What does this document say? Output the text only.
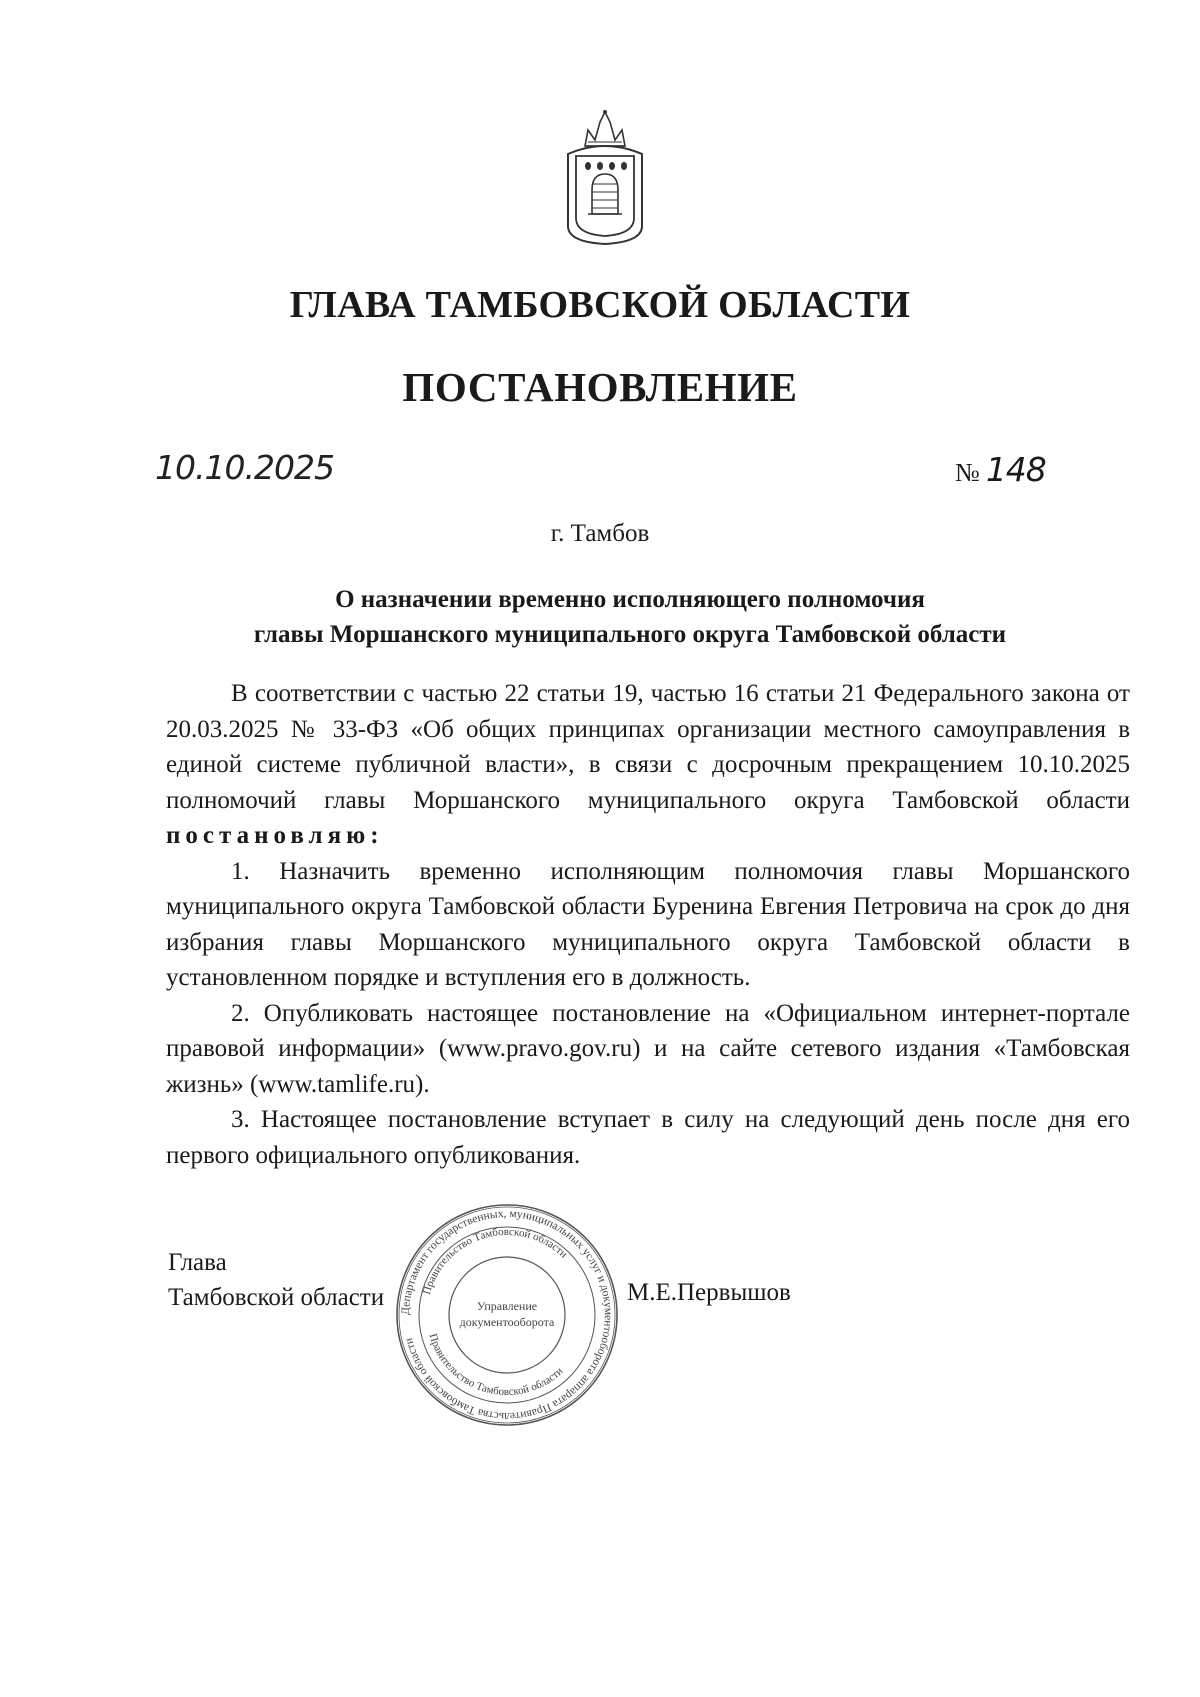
ГЛАВА ТАМБОВСКОЙ ОБЛАСТИ
ПОСТАНОВЛЕНИЕ
10.10.2025	№ 148
г. Тамбов
О назначении временно исполняющего полномочия
главы Моршанского муниципального округа Тамбовской области

В соответствии с частью 22 статьи 19, частью 16 статьи 21 Федерального закона от 20.03.2025 № 33-ФЗ «Об общих принципах организации местного самоуправления в единой системе публичной власти», в связи с досрочным прекращением 10.10.2025 полномочий главы Моршанского муниципального округа Тамбовской области постановляю:

1. Назначить временно исполняющим полномочия главы Моршанского муниципального округа Тамбовской области Буренина Евгения Петровича на срок до дня избрания главы Моршанского муниципального округа Тамбовской области в установленном порядке и вступления его в должность.

2. Опубликовать настоящее постановление на «Официальном интернет-портале правовой информации» (www.pravo.gov.ru) и на сайте сетевого издания «Тамбовская жизнь» (www.tamlife.ru).

3. Настоящее постановление вступает в силу на следующий день после дня его первого официального опубликования.

Глава
Тамбовской области	М.Е.Первышов
Департамент государственных, муниципальных услуг и документооборота аппарата Правительства Тамбовской области
Правительство Тамбовской области
Правительство Тамбовской области
Управление
документооборота
